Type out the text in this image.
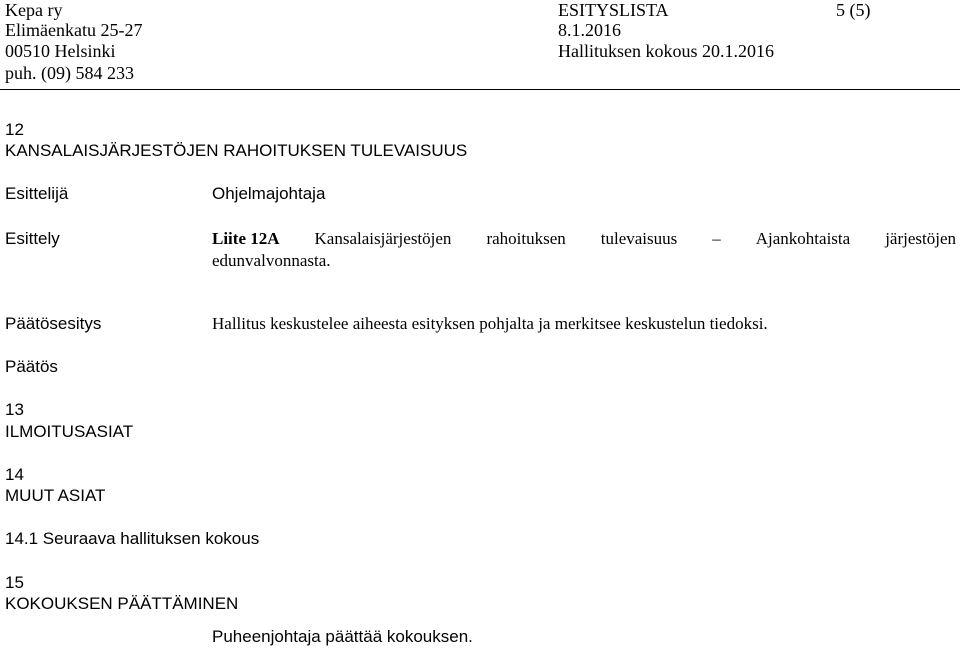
Kepa ry
Elimäenkatu 25-27
00510 Helsinki
puh. (09) 584 233
ESITYSLISTA
8.1.2016
Hallituksen kokous 20.1.2016
5 (5)
12
KANSALAISJÄRJESTÖJEN RAHOITUKSEN TULEVAISUUS
Esittelijä	Ohjelmajohtaja
Esittely	Liite 12A Kansalaisjärjestöjen rahoituksen tulevaisuus – Ajankohtaista järjestöjen
edunvalvonnasta.
Päätösesitys	Hallitus keskustelee aiheesta esityksen pohjalta ja merkitsee keskustelun tiedoksi.
Päätös
13
ILMOITUSASIAT
14
MUUT ASIAT
14.1 Seuraava hallituksen kokous
15
KOKOUKSEN PÄÄTTÄMINEN
Puheenjohtaja päättää kokouksen.
